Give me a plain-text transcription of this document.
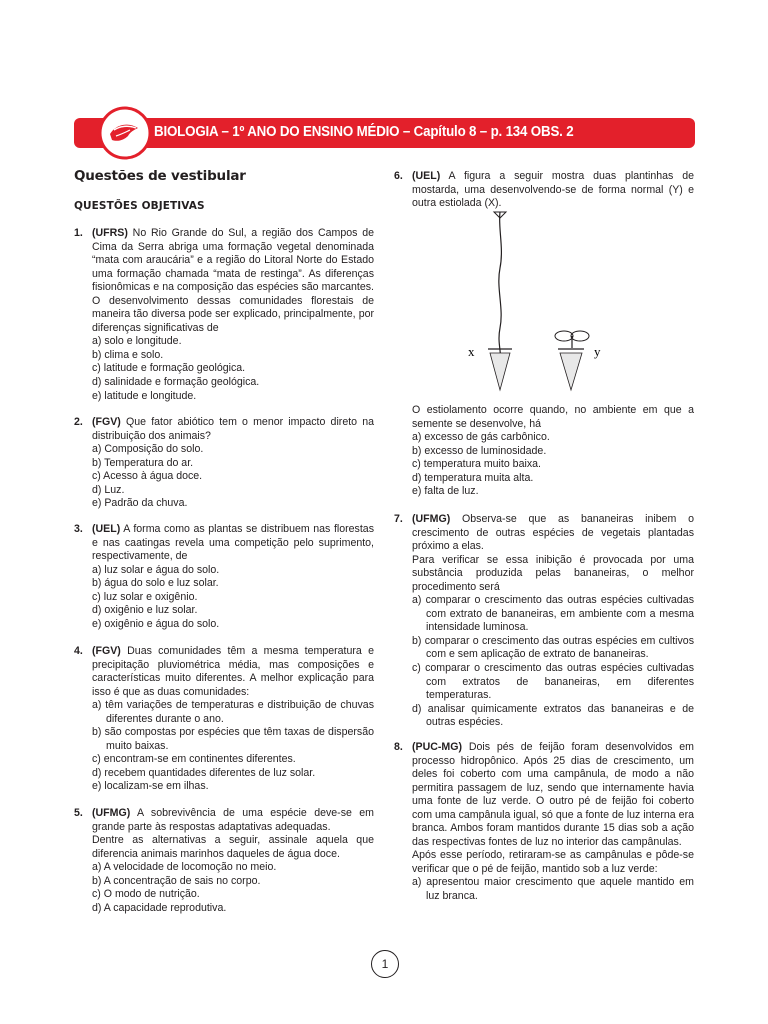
BIOLOGIA – 1º ANO DO ENSINO MÉDIO – Capítulo 8 – p. 134 OBS. 2
Questões de vestibular
QUESTÕES OBJETIVAS

1. (UFRS) No Rio Grande do Sul, a região dos Campos de Cima da Serra abriga uma formação vegetal denominada “mata com araucária” e a região do Litoral Norte do Estado uma formação chamada “mata de restinga”. As diferenças fisionômicas e na composição das espécies são marcantes. O desenvolvimento dessas comunidades florestais de maneira tão diversa pode ser explicado, principalmente, por diferenças significativas de

a) solo e longitude.

b) clima e solo.

c) latitude e formação geológica.

d) salinidade e formação geológica.

e) latitude e longitude.

2. (FGV) Que fator abiótico tem o menor impacto direto na distribuição dos animais?

a) Composição do solo.

b) Temperatura do ar.

c) Acesso à água doce.

d) Luz.

e) Padrão da chuva.

3. (UEL) A forma como as plantas se distribuem nas florestas e nas caatingas revela uma competição pelo suprimento, respectivamente, de

a) luz solar e água do solo.

b) água do solo e luz solar.

c) luz solar e oxigênio.

d) oxigênio e luz solar.

e) oxigênio e água do solo.

4. (FGV) Duas comunidades têm a mesma temperatura e precipitação pluviométrica média, mas composições e características muito diferentes. A melhor explicação para isso é que as duas comunidades:

a) têm variações de temperaturas e distribuição de chuvas diferentes durante o ano.

b) são compostas por espécies que têm taxas de dispersão muito baixas.

c) encontram-se em continentes diferentes.

d) recebem quantidades diferentes de luz solar.

e) localizam-se em ilhas.

5. (UFMG) A sobrevivência de uma espécie deve-se em grande parte às respostas adaptativas adequadas.

Dentre as alternativas a seguir, assinale aquela que diferencia animais marinhos daqueles de água doce.

a) A velocidade de locomoção no meio.

b) A concentração de sais no corpo.

c) O modo de nutrição.

d) A capacidade reprodutiva.

6. (UEL) A figura a seguir mostra duas plantinhas de mostarda, uma desenvolvendo-se de forma normal (Y) e outra estiolada (X).

x	y

O estiolamento ocorre quando, no ambiente em que a semente se desenvolve, há

a) excesso de gás carbônico.

b) excesso de luminosidade.

c) temperatura muito baixa.

d) temperatura muita alta.

e) falta de luz.

7. (UFMG) Observa-se que as bananeiras inibem o crescimento de outras espécies de vegetais plantadas próximo a elas.

Para verificar se essa inibição é provocada por uma substância produzida pelas bananeiras, o melhor procedimento será

a) comparar o crescimento das outras espécies cultivadas com extrato de bananeiras, em ambiente com a mesma intensidade luminosa.

b) comparar o crescimento das outras espécies em cultivos com e sem aplicação de extrato de bananeiras.

c) comparar o crescimento das outras espécies cultivadas com extratos de bananeiras, em diferentes temperaturas.

d) analisar quimicamente extratos das bananeiras e de outras espécies.

8. (PUC-MG) Dois pés de feijão foram desenvolvidos em processo hidropônico. Após 25 dias de crescimento, um deles foi coberto com uma campânula, de modo a não permitira passagem de luz, sendo que internamente havia uma fonte de luz verde. O outro pé de feijão foi coberto com uma campânula igual, só que a fonte de luz interna era branca. Ambos foram mantidos durante 15 dias sob a ação das respectivas fontes de luz no interior das campânulas.

Após esse período, retiraram-se as campânulas e pôde-se verificar que o pé de feijão, mantido sob a luz verde:

a) apresentou maior crescimento que aquele mantido em luz branca.

1
